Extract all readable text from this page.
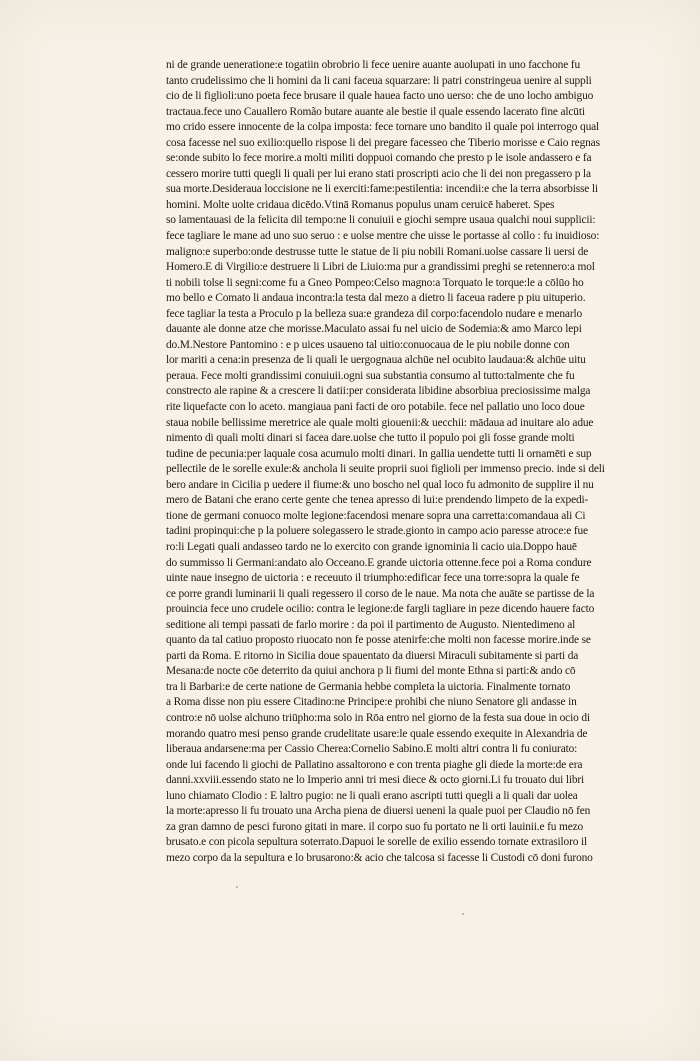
ni de grande ueneratione:e togatiin obrobrio li fece uenire auante auolupati in uno facchone fu
tanto crudelissimo che li homini da li cani faceua squarzare: li patri constringeua uenire al suppli
cio de li figlioli:uno poeta fece brusare il quale hauea facto uno uerso: che de uno locho ambiguo
tractaua.fece uno Cauallero Romão butare auante ale bestie il quale essendo lacerato fine alcūti
mo crido essere innocente de la colpa imposta: fece tornare uno bandito il quale poi interrogo qual
cosa facesse nel suo exilio:quello rispose li dei pregare facesseo che Tiberio morisse e Caio regnas
se:onde subito lo fece morire.a molti militi doppuoi comando che presto p le isole andassero e fa
cessero morire tutti quegli li quali per lui erano stati proscripti acio che li dei non pregassero p la
sua morte.Desideraua loccisione ne li exerciti:fame:pestilentia: incendii:e che la terra absorbisse li
homini. Molte uolte cridaua dicēdo.Vtinā Romanus populus unam ceruicē haberet. Spes
so lamentauasi de la felicita dil tempo:ne li conuiuii e giochi sempre usaua qualchi noui supplicii:
fece tagliare le mane ad uno suo seruo : e uolse mentre che uisse le portasse al collo : fu inuidioso:
maligno:e superbo:onde destrusse tutte le statue de li piu nobili Romani.uolse cassare li uersi de
Homero.E di Virgilio:e destruere li Libri de Liuio:ma pur a grandissimi preghi se retennero:a mol
ti nobili tolse li segni:come fu a Gneo Pompeo:Celso magno:a Torquato le torque:le a cōlūo ho
mo bello e Comato li andaua incontra:la testa dal mezo a dietro li faceua radere p piu uituperio.
fece tagliar la testa a Proculo p la belleza sua:e grandeza dil corpo:facendolo nudare e menarlo
dauante ale donne atze che morisse.Maculato assai fu nel uicio de Sodemia:& amo Marco lepi
do.M.Nestore Pantomino : e p uices usaueno tal uitio:conuocaua de le piu nobile donne con
lor mariti a cena:in presenza de li quali le uergognaua alchūe nel ocubito laudaua:& alchūe uitu
peraua. Fece molti grandissimi conuiuii.ogni sua substantia consumo al tutto:talmente che fu
constrecto ale rapine & a crescere li datii:per considerata libidine absorbiua preciosissime malga
rite liquefacte con lo aceto. mangiaua pani facti de oro potabile. fece nel pallatio uno loco doue
staua nobile bellissime meretrice ale quale molti giouenii:& uecchii: mādaua ad inuitare alo adue
nimento di quali molti dinari si facea dare.uolse che tutto il populo poi gli fosse grande molti
tudine de pecunia:per laquale cosa acumulo molti dinari. In gallia uendette tutti li ornamēti e sup
pellectile de le sorelle exule:& anchola li seuite proprii suoi figlioli per immenso precio. inde si deli
bero andare in Cicilia p uedere il fiume:& uno boscho nel qual loco fu admonito de supplire il nu
mero de Batani che erano certe gente che tenea apresso di lui:e prendendo limpeto de la expedi-
tione de germani conuoco molte legione:facendosi menare sopra una carretta:comandaua ali Ci
tadini propinqui:che p la poluere solegassero le strade.gionto in campo acio paresse atroce:e fue
ro:li Legati quali andasseo tardo ne lo exercito con grande ignominia li cacio uia.Doppo hauē
do summisso li Germani:andato alo Occeano.E grande uictoria ottenne.fece poi a Roma condure
uinte naue insegno de uictoria : e receuuto il triumpho:edificar fece una torre:sopra la quale fe
ce porre grandi luminarii li quali regessero il corso de le naue. Ma nota che auāte se partisse de la
prouincia fece uno crudele ocilio: contra le legione:de fargli tagliare in peze dicendo hauere facto
seditione ali tempi passati de farlo morire : da poi il partimento de Augusto. Nientedimeno al
quanto da tal catiuo proposto riuocato non fe posse atenirfe:che molti non facesse morire.inde se
parti da Roma. E ritorno in Sicilia doue spauentato da diuersi Miraculi subitamente si parti da
Mesana:de nocte cōe deterrito da quiui anchora p li fiumi del monte Ethna si parti:& ando cō
tra li Barbari:e de certe natione de Germania hebbe completa la uictoria. Finalmente tornato
a Roma disse non piu essere Citadino:ne Principe:e prohibi che niuno Senatore gli andasse in
contro:e nō uolse alchuno triūpho:ma solo in Rōa entro nel giorno de la festa sua doue in ocio di
morando quatro mesi penso grande crudelitate usare:le quale essendo exequite in Alexandria de
liberaua andarsene:ma per Cassio Cherea:Cornelio Sabino.E molti altri contra li fu coniurato:
onde lui facendo li giochi de Pallatino assaltorono e con trenta piaghe gli diede la morte:de era
danni.xxviii.essendo stato ne lo Imperio anni tri mesi diece & octo giorni.Li fu trouato dui libri
luno chiamato Clodio : E laltro pugio: ne li quali erano ascripti tutti quegli a li quali dar uolea
la morte:apresso li fu trouato una Archa piena de diuersi ueneni la quale puoi per Claudio nō fen
za gran damno de pesci furono gitati in mare. il corpo suo fu portato ne li orti lauinii.e fu mezo
brusato.e con picola sepultura soterrato.Dapuoi le sorelle de exilio essendo tornate extrasiloro il
mezo corpo da la sepultura e lo brusarono:& acio che talcosa si facesse li Custodi cō doni furono
